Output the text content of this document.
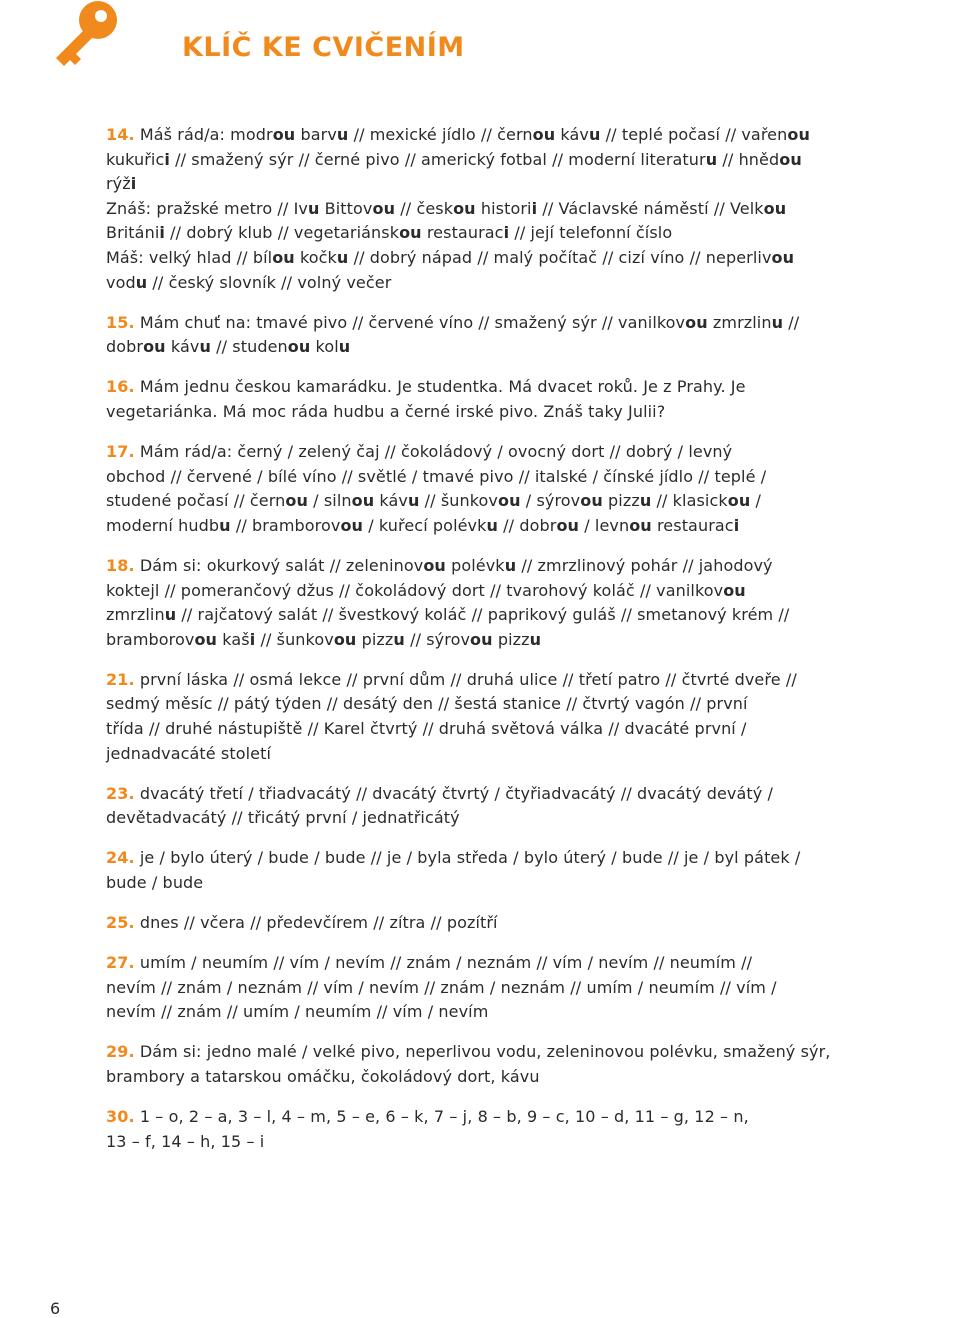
KLÍČ KE CVIČENÍM

14. Máš rád/a: modrou barvu // mexické jídlo // černou kávu // teplé počasí // vařenou
kukuřici // smažený sýr // černé pivo // americký fotbal // moderní literaturu // hnědou
rýži
Znáš: pražské metro // Ivu Bittovou // českou historii // Václavské náměstí // Velkou
Británii // dobrý klub // vegetariánskou restauraci // její telefonní číslo
Máš: velký hlad // bílou kočku // dobrý nápad // malý počítač // cizí víno // neperlivou
vodu // český slovník // volný večer

15. Mám chuť na: tmavé pivo // červené víno // smažený sýr // vanilkovou zmrzlinu //
dobrou kávu // studenou kolu

16. Mám jednu českou kamarádku. Je studentka. Má dvacet roků. Je z Prahy. Je
vegetariánka. Má moc ráda hudbu a černé irské pivo. Znáš taky Julii?

17. Mám rád/a: černý / zelený čaj // čokoládový / ovocný dort // dobrý / levný
obchod // červené / bílé víno // světlé / tmavé pivo // italské / čínské jídlo // teplé /
studené počasí // černou / silnou kávu // šunkovou / sýrovou pizzu // klasickou /
moderní hudbu // bramborovou / kuřecí polévku // dobrou / levnou restauraci

18. Dám si: okurkový salát // zeleninovou polévku // zmrzlinový pohár // jahodový
koktejl // pomerančový džus // čokoládový dort // tvarohový koláč // vanilkovou
zmrzlinu // rajčatový salát // švestkový koláč // paprikový guláš // smetanový krém //
bramborovou kaši // šunkovou pizzu // sýrovou pizzu

21. první láska // osmá lekce // první dům // druhá ulice // třetí patro // čtvrté dveře //
sedmý měsíc // pátý týden // desátý den // šestá stanice // čtvrtý vagón // první
třída // druhé nástupiště // Karel čtvrtý // druhá světová válka // dvacáté první /
jednadvacáté století

23. dvacátý třetí / třiadvacátý // dvacátý čtvrtý / čtyřiadvacátý // dvacátý devátý /
devětadvacátý // třicátý první / jednatřicátý

24. je / bylo úterý / bude / bude // je / byla středa / bylo úterý / bude // je / byl pátek /
bude / bude

25. dnes // včera // předevčírem // zítra // pozítří

27. umím / neumím // vím / nevím // znám / neznám // vím / nevím // neumím //
nevím // znám / neznám // vím / nevím // znám / neznám // umím / neumím // vím /
nevím // znám // umím / neumím // vím / nevím

29. Dám si: jedno malé / velké pivo, neperlivou vodu, zeleninovou polévku, smažený sýr,
brambory a tatarskou omáčku, čokoládový dort, kávu

30. 1 – o, 2 – a, 3 – l, 4 – m, 5 – e, 6 – k, 7 – j, 8 – b, 9 – c, 10 – d, 11 – g, 12 – n,
13 – f, 14 – h, 15 – i

6
